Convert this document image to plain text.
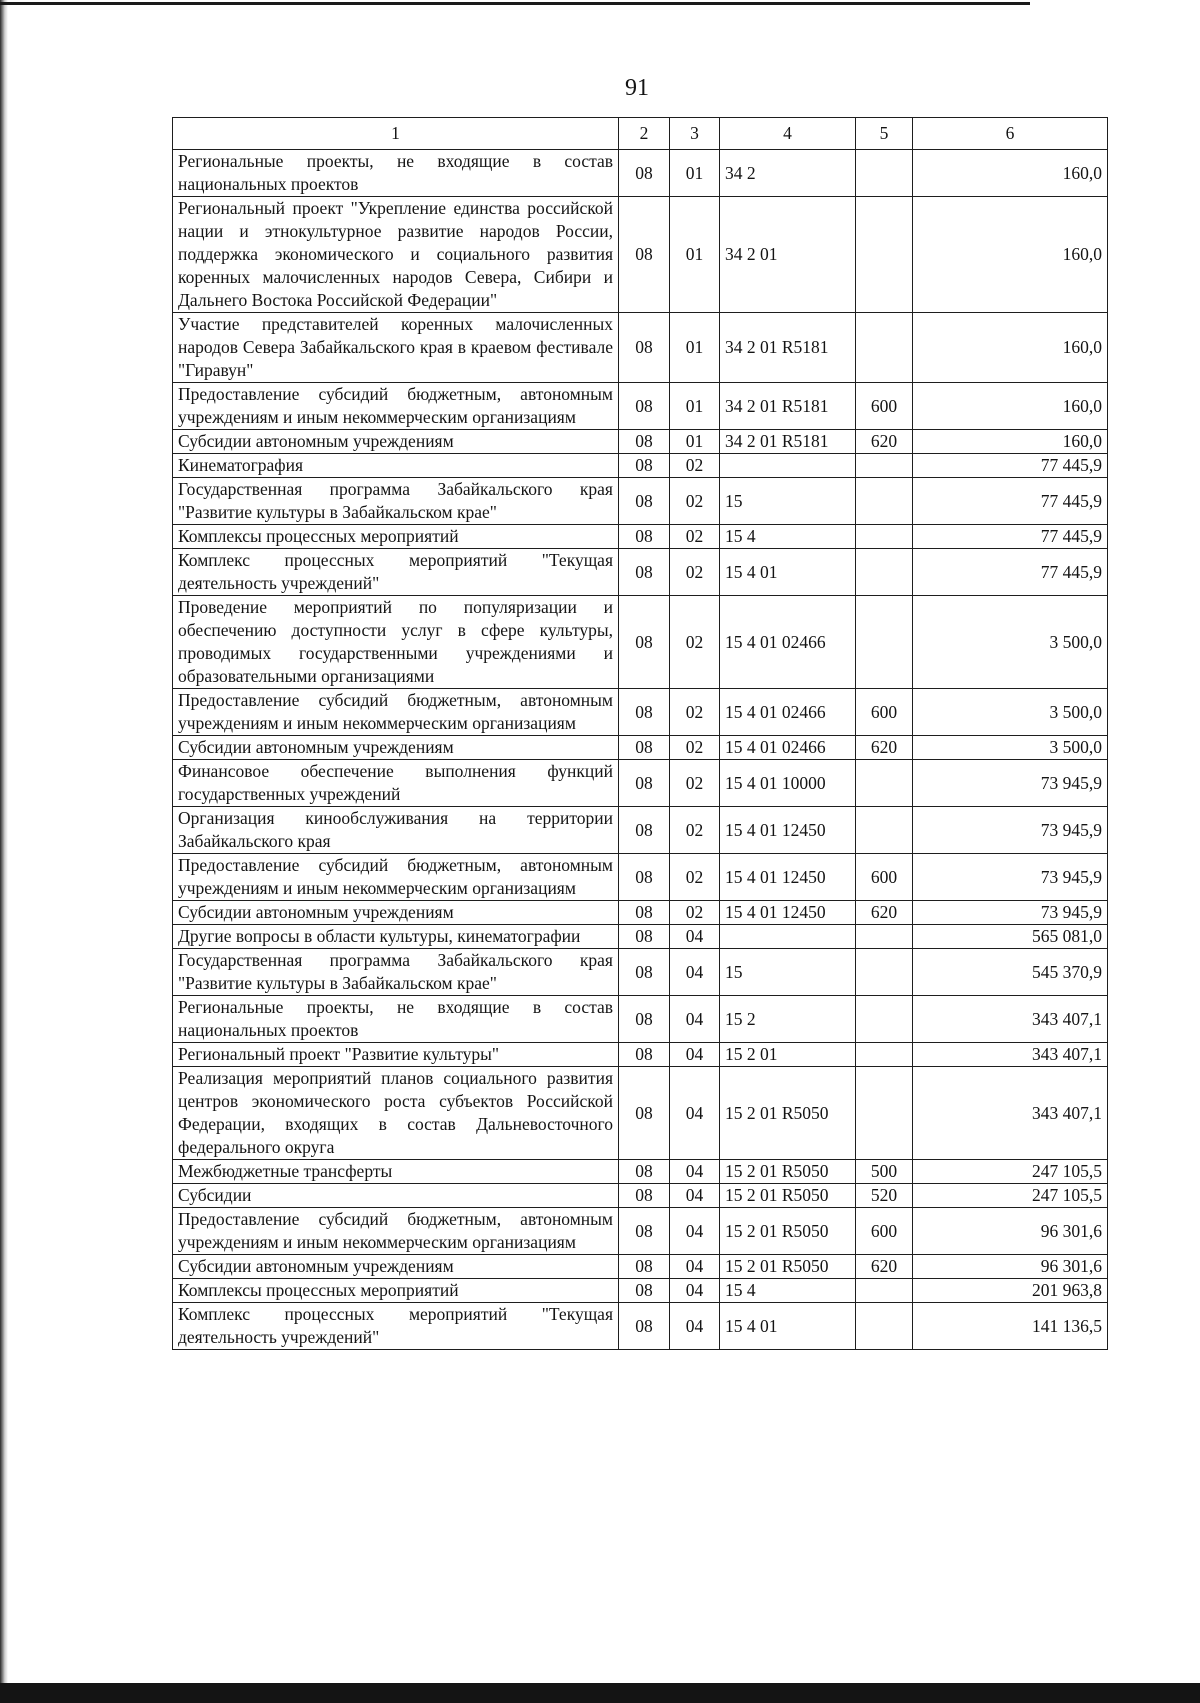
91
1	2	3	4	5	6
Региональные проекты, не входящие в состав национальных проектов	08	01	34 2		160,0
Региональный проект "Укрепление единства российской нации и этнокультурное развитие народов России, поддержка экономического и социального развития коренных малочисленных народов Севера, Сибири и Дальнего Востока Российской Федерации"	08	01	34 2 01		160,0
Участие представителей коренных малочисленных народов Севера Забайкальского края в краевом фестивале "Гиравун"	08	01	34 2 01 R5181		160,0
Предоставление субсидий бюджетным, автономным учреждениям и иным некоммерческим организациям	08	01	34 2 01 R5181	600	160,0
Субсидии автономным учреждениям	08	01	34 2 01 R5181	620	160,0
Кинематография	08	02			77 445,9
Государственная программа Забайкальского края "Развитие культуры в Забайкальском крае"	08	02	15		77 445,9
Комплексы процессных мероприятий	08	02	15 4		77 445,9
Комплекс процессных мероприятий "Текущая деятельность учреждений"	08	02	15 4 01		77 445,9
Проведение мероприятий по популяризации и обеспечению доступности услуг в сфере культуры, проводимых государственными учреждениями и образовательными организациями	08	02	15 4 01 02466		3 500,0
Предоставление субсидий бюджетным, автономным учреждениям и иным некоммерческим организациям	08	02	15 4 01 02466	600	3 500,0
Субсидии автономным учреждениям	08	02	15 4 01 02466	620	3 500,0
Финансовое обеспечение выполнения функций государственных учреждений	08	02	15 4 01 10000		73 945,9
Организация кинообслуживания на территории Забайкальского края	08	02	15 4 01 12450		73 945,9
Предоставление субсидий бюджетным, автономным учреждениям и иным некоммерческим организациям	08	02	15 4 01 12450	600	73 945,9
Субсидии автономным учреждениям	08	02	15 4 01 12450	620	73 945,9
Другие вопросы в области культуры, кинематографии	08	04			565 081,0
Государственная программа Забайкальского края "Развитие культуры в Забайкальском крае"	08	04	15		545 370,9
Региональные проекты, не входящие в состав национальных проектов	08	04	15 2		343 407,1
Региональный проект "Развитие культуры"	08	04	15 2 01		343 407,1
Реализация мероприятий планов социального развития центров экономического роста субъектов Российской Федерации, входящих в состав Дальневосточного федерального округа	08	04	15 2 01 R5050		343 407,1
Межбюджетные трансферты	08	04	15 2 01 R5050	500	247 105,5
Субсидии	08	04	15 2 01 R5050	520	247 105,5
Предоставление субсидий бюджетным, автономным учреждениям и иным некоммерческим организациям	08	04	15 2 01 R5050	600	96 301,6
Субсидии автономным учреждениям	08	04	15 2 01 R5050	620	96 301,6
Комплексы процессных мероприятий	08	04	15 4		201 963,8
Комплекс процессных мероприятий "Текущая деятельность учреждений"	08	04	15 4 01		141 136,5
